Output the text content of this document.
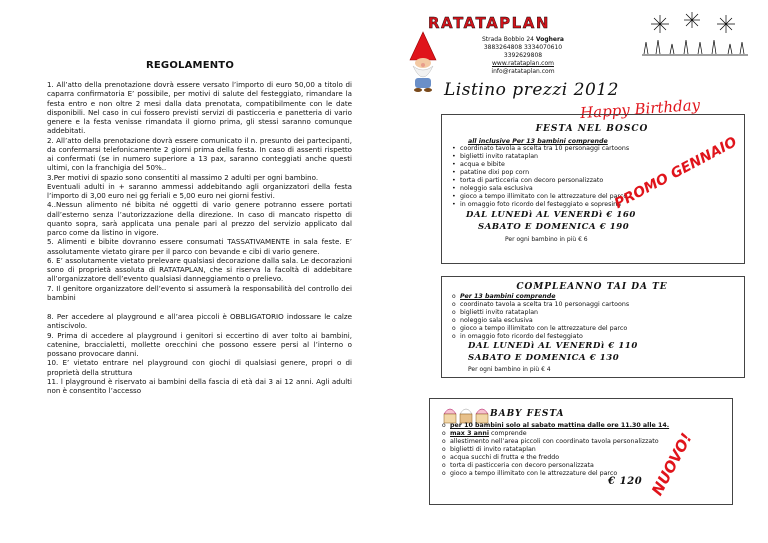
REGOLAMENTO

1. All’atto della prenotazione dovrà essere versato l’importo di euro 50,00 a titolo di caparra confirmatoria E’ possibile, per motivi di salute del festeggiato, rimandare la festa entro e non oltre 2 mesi dalla data prenotata, compatibilmente con le date disponibili. Nel caso in cui fossero previsti servizi di pasticceria e panetteria di vario genere e la festa venisse rimandata il giorno prima, gli stessi saranno comunque addebitati.

2. All’atto della prenotazione dovrà essere comunicato il n. presunto dei partecipanti, da confermarsi telefonicamente 2 giorni prima della festa. In caso di assenti rispetto ai confermati (se in numero superiore a 13 pax, saranno conteggiati anche questi ultimi, con la franchigia del 50%..

3.Per motivi di spazio sono consentiti al massimo 2 adulti per ogni bambino.

Eventuali adulti in + saranno ammessi addebitando agli organizzatori della festa l’importo di 3,00 euro nei gg feriali e 5,00 euro nei giorni festivi.

4..Nessun alimento né bibita né oggetti di vario genere potranno essere portati dall’esterno senza l’autorizzazione della direzione. In caso di mancato rispetto di quanto sopra, sarà applicata una penale pari al prezzo del servizio applicato dal parco come da listino in vigore.

5. Alimenti e bibite dovranno essere consumati TASSATIVAMENTE in sala feste. E’ assolutamente vietato girare per il parco con bevande e cibi di vario genere.

6. E’ assolutamente vietato prelevare qualsiasi decorazione dalla sala. Le decorazioni sono di proprietà assoluta di RATATAPLAN, che si riserva la facoltà di addebitare all’organizzatore dell’evento qualsiasi danneggiamento o prelievo.

7. Il genitore organizzatore dell’evento si assumerà la responsabilità del controllo dei bambini

8. Per accedere al playground e all’area piccoli è OBBLIGATORIO indossare le calze antiscivolo.

9. Prima di accedere al playground i genitori si eccertino di aver tolto ai bambini, catenine, braccialetti, mollette orecchini che possono essere persi al l’interno o possano provocare danni.

10. E’ vietato entrare nel playground con giochi di qualsiasi genere, propri o di proprietà della struttura

11. l playground è riservato ai bambini della fascia di età dai 3 ai 12 anni. Agli adulti non è consentito l’accesso

RATATAPLAN
Strada Bobbio 24 Voghera
3883264808 3334070610 3392629808
www.ratataplan.com
info@ratataplan.com
Listino prezzi 2012
Happy Birthday
FESTA NEL BOSCO
all inclusive Per 13 bambini comprende
• coordinato tavola a scelta tra 10 personaggi cartoons
• biglietti invito ratataplan
• acqua e bibite
• patatine dixi pop corn
• torta di particceria con decoro personalizzato
• noleggio sala esclusiva
• gioco a tempo illimitato con le attrezzature del parco
• in omaggio foto ricordo del festeggiato e sopresina
DAL LUNEDì AL VENERDì € 160
SABATO E DOMENICA € 190
Per ogni bambino in più € 6
PROMO GENNAIO
COMPLEANNO TAI DA TE
o Per 13 bambini comprende
o coordinato tavola a scelta tra 10 personaggi cartoons
o biglietti invito ratataplan
o noleggio sala esclusiva
o gioco a tempo illimitato con le attrezzature del parco
o in omaggio foto ricordo del festeggiato
DAL LUNEDì AL VENERDì € 110
SABATO E DOMENICA € 130
Per ogni bambino in più € 4
BABY FESTA
o per 10 bambini solo al sabato mattina dalle ore 11.30 alle 14.
o max 3 anni comprende
o allestimento nell’area piccoli con coordinato tavola personalizzato
o biglietti di invito ratataplan
o acqua succhi di frutta e the freddo
o torta di pasticceria con decoro personalizzata
o gioco a tempo illimitato con le attrezzature del parco
€ 120 NUOVO!
